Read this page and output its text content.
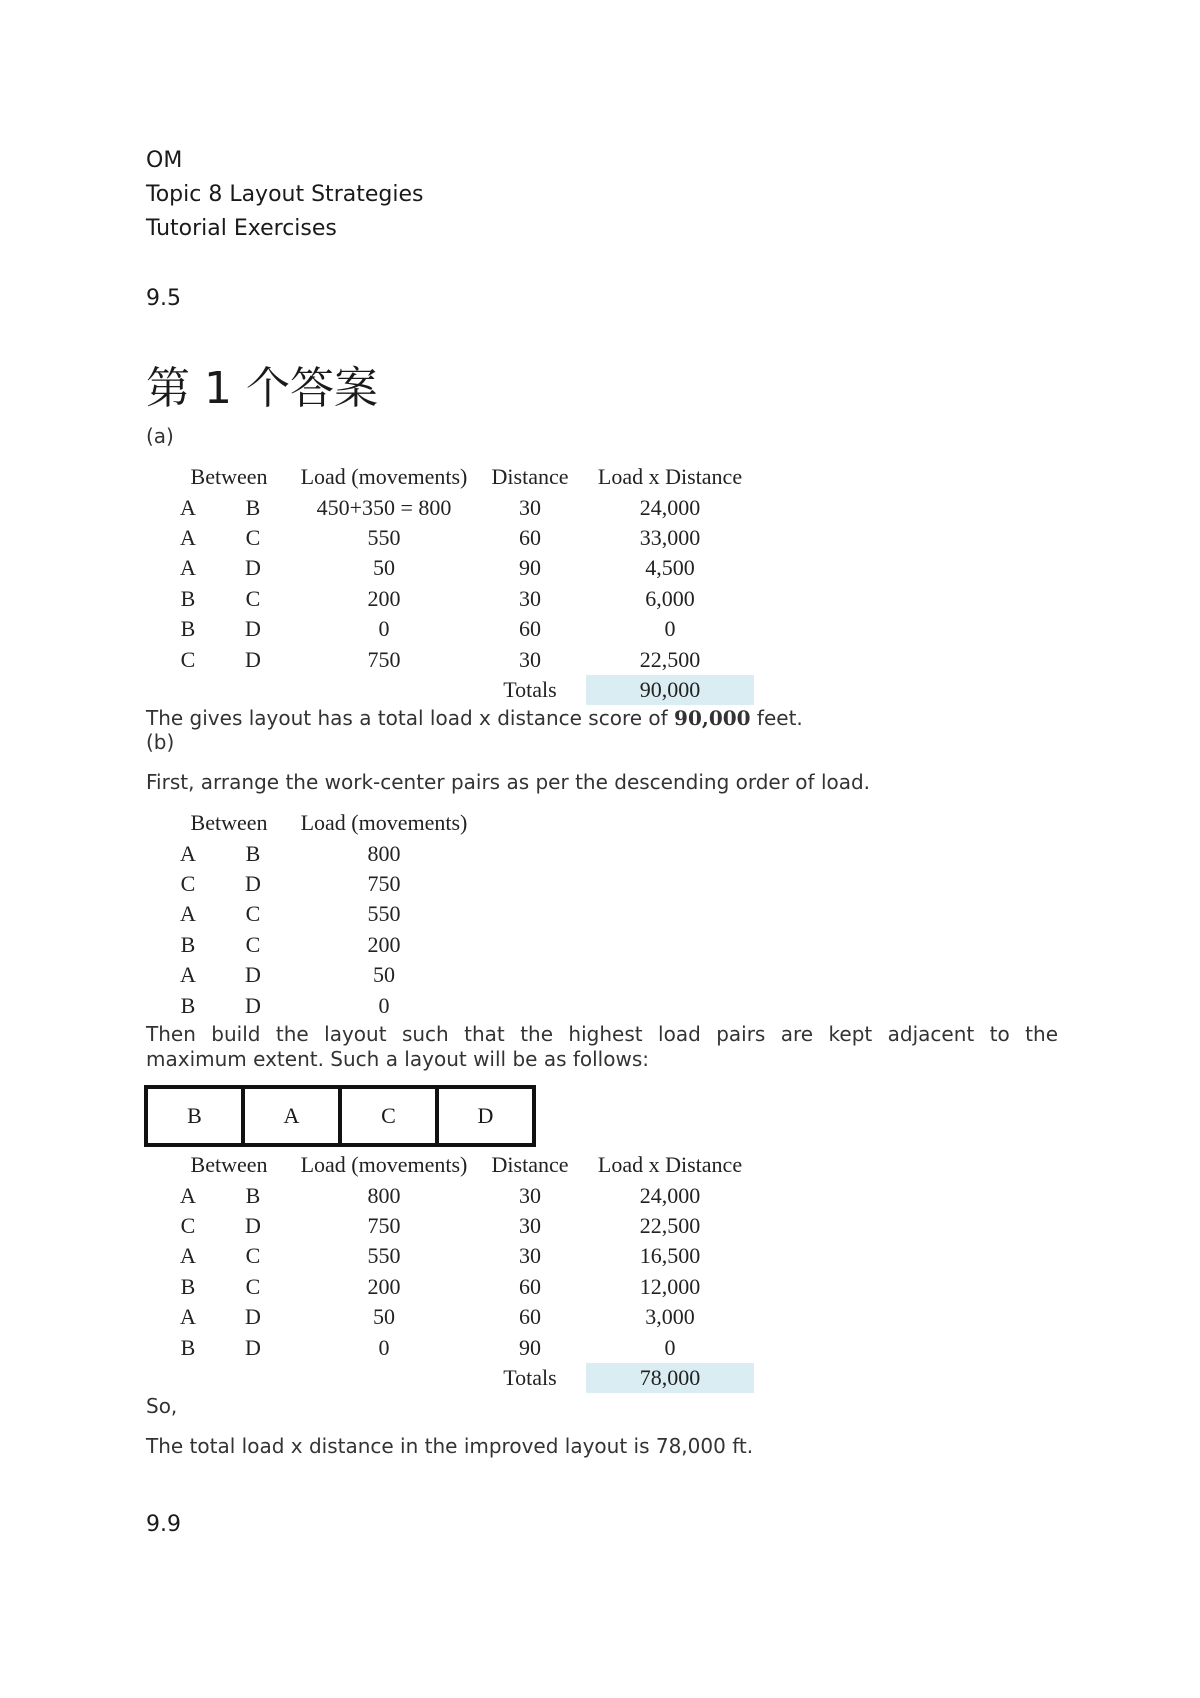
OM
Topic 8 Layout Strategies
Tutorial Exercises
9.5
第 1 个答案
(a)
Between		Load (movements)	Distance	Load x Distance
A	B	450+350 = 800	30	24,000
A	C	550	60	33,000
A	D	50	90	4,500
B	C	200	30	6,000
B	D	0	60	0
C	D	750	30	22,500
			Totals	90,000
The gives layout has a total load x distance score of 90,000 feet.
(b)
First, arrange the work-center pairs as per the descending order of load.
Between		Load (movements)
A	B	800
C	D	750
A	C	550
B	C	200
A	D	50
B	D	0
Then build the layout such that the highest load pairs are kept adjacent to the
maximum extent. Such a layout will be as follows:
B	A	C	D
Between		Load (movements)	Distance	Load x Distance
A	B	800	30	24,000
C	D	750	30	22,500
A	C	550	30	16,500
B	C	200	60	12,000
A	D	50	60	3,000
B	D	0	90	0
			Totals	78,000
So,
The total load x distance in the improved layout is 78,000 ft.
9.9
